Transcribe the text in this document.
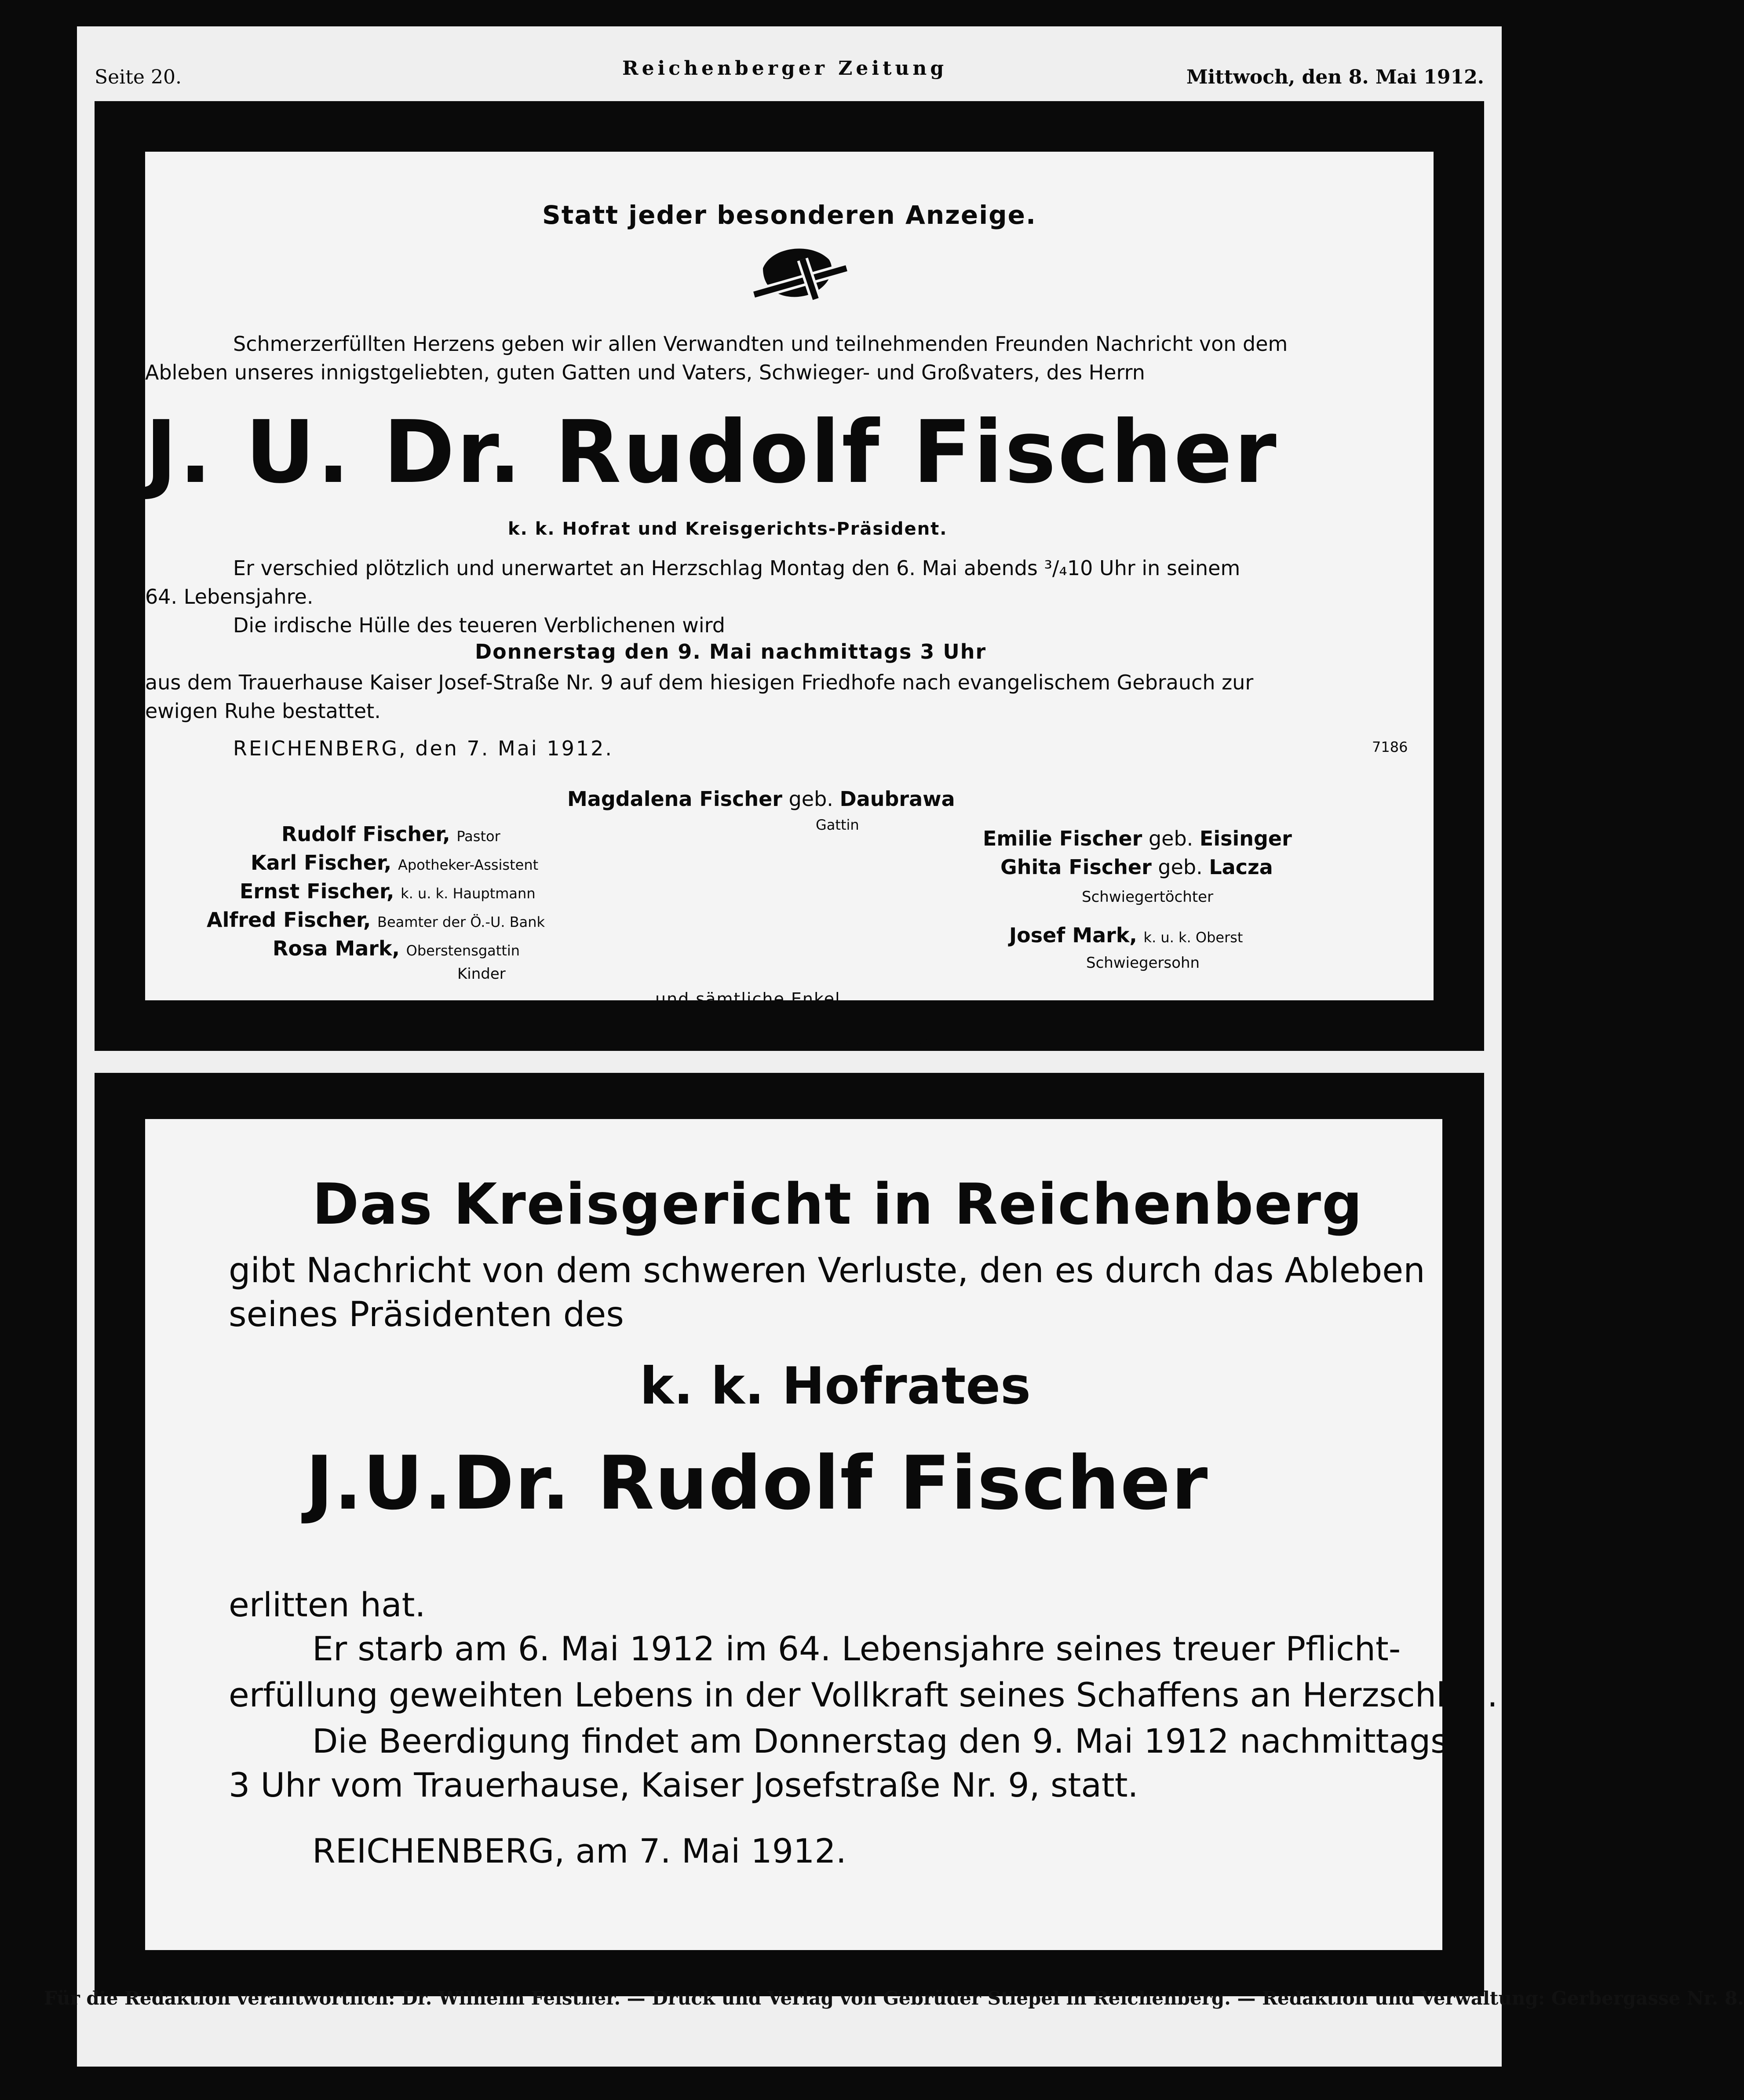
Seite 20.	Reichenberger Zeitung	Mittwoch, den 8. Mai 1912.
Statt jeder besonderen Anzeige.
Schmerzerfüllten Herzens geben wir allen Verwandten und teilnehmenden Freunden Nachricht von dem
Ableben unseres innigstgeliebten, guten Gatten und Vaters, Schwieger- und Großvaters, des Herrn
J. U. Dr. Rudolf Fischer
k. k. Hofrat und Kreisgerichts-Präsident.
Er verschied plötzlich und unerwartet an Herzschlag Montag den 6. Mai abends ³/₄10 Uhr in seinem
64. Lebensjahre.
Die irdische Hülle des teueren Verblichenen wird
Donnerstag den 9. Mai nachmittags 3 Uhr
aus dem Trauerhause Kaiser Josef-Straße Nr. 9 auf dem hiesigen Friedhofe nach evangelischem Gebrauch zur
ewigen Ruhe bestattet.
REICHENBERG, den 7. Mai 1912.	7186
Magdalena Fischer geb. Daubrawa
Gattin
Rudolf Fischer, Pastor
Karl Fischer, Apotheker-Assistent
Ernst Fischer, k. u. k. Hauptmann
Alfred Fischer, Beamter der Ö.-U. Bank
Rosa Mark, Oberstensgattin
Kinder
Emilie Fischer geb. Eisinger
Ghita Fischer geb. Lacza
Schwiegertöchter
Josef Mark, k. u. k. Oberst
Schwiegersohn
und sämtliche Enkel.
Robert Pfaudes Leichenbestattungs-Unternehmung „Entreprise des pompes funèbres“.
Das Kreisgericht in Reichenberg
gibt Nachricht von dem schweren Verluste, den es durch das Ableben
seines Präsidenten des
k. k. Hofrates
J.U.Dr. Rudolf Fischer
erlitten hat.
Er starb am 6. Mai 1912 im 64. Lebensjahre seines treuer Pflicht-
erfüllung geweihten Lebens in der Vollkraft seines Schaffens an Herzschlag.
Die Beerdigung findet am Donnerstag den 9. Mai 1912 nachmittags
3 Uhr vom Trauerhause, Kaiser Josefstraße Nr. 9, statt.
REICHENBERG, am 7. Mai 1912.
Für die Redaktion verantwortlich: Dr. Wilhelm Feistner. — Druck und Verlag von Gebrüder Stiepel in Reichenberg. — Redaktion und Verwaltung: Gerbergasse Nr. 8.
